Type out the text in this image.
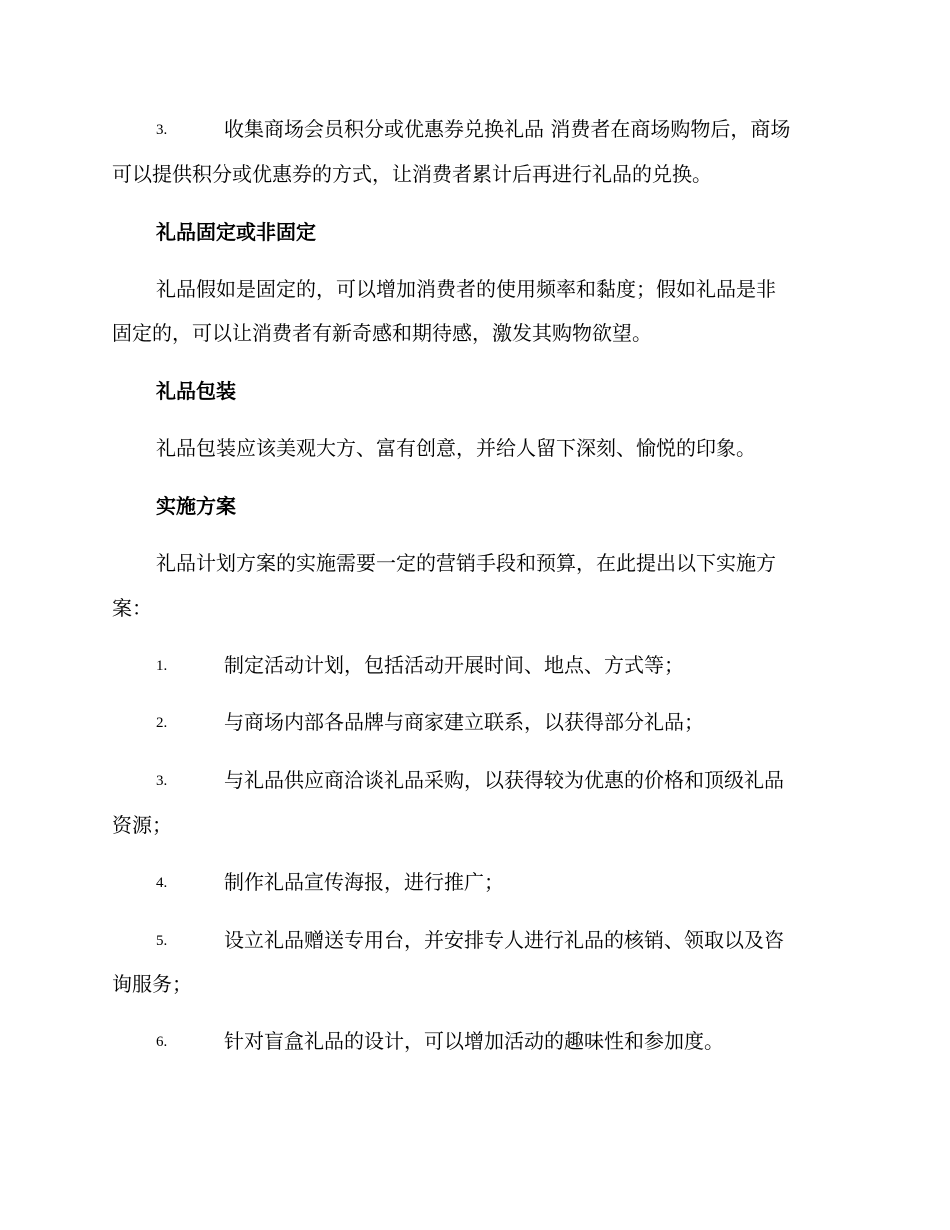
3.	收集商场会员积分或优惠券兑换礼品 消费者在商场购物后，商场
可以提供积分或优惠券的方式，让消费者累计后再进行礼品的兑换。
礼品固定或非固定
礼品假如是固定的，可以增加消费者的使用频率和黏度；假如礼品是非
固定的，可以让消费者有新奇感和期待感，激发其购物欲望。
礼品包装
礼品包装应该美观大方、富有创意，并给人留下深刻、愉悦的印象。
实施方案
礼品计划方案的实施需要一定的营销手段和预算，在此提出以下实施方
案：
1.	制定活动计划，包括活动开展时间、地点、方式等；
2.	与商场内部各品牌与商家建立联系，以获得部分礼品；
3.	与礼品供应商洽谈礼品采购，以获得较为优惠的价格和顶级礼品
资源；
4.	制作礼品宣传海报，进行推广；
5.	设立礼品赠送专用台，并安排专人进行礼品的核销、领取以及咨
询服务；
6.	针对盲盒礼品的设计，可以增加活动的趣味性和参加度。
